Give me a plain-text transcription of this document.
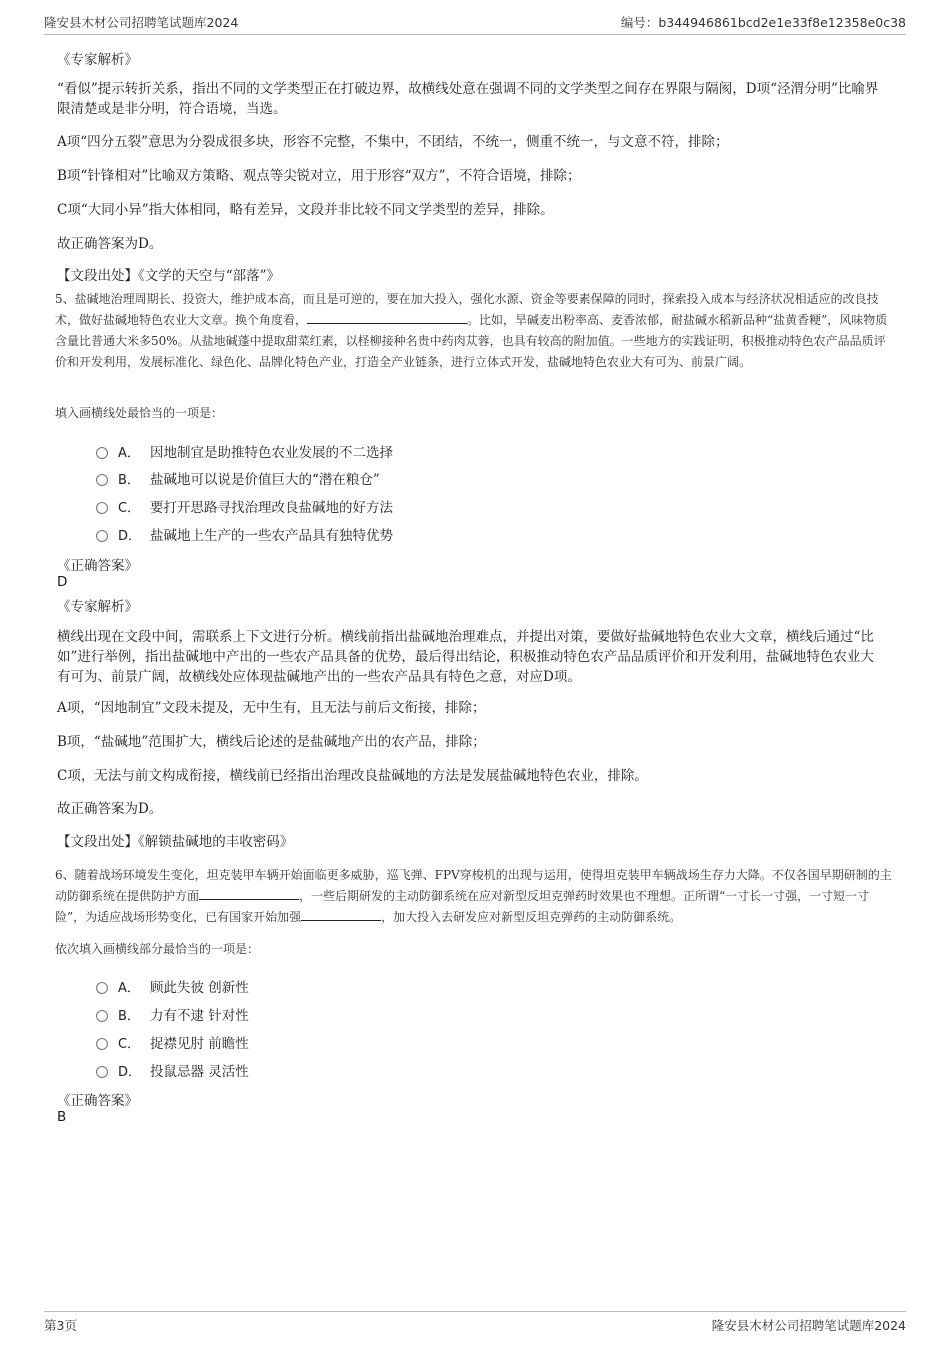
隆安县木材公司招聘笔试题库2024	编号：b344946861bcd2e1e33f8e12358e0c38
《专家解析》
“看似”提示转折关系，指出不同的文学类型正在打破边界，故横线处意在强调不同的文学类型之间存在界限与隔阂，D项“泾渭分明”比喻界限清楚或是非分明，符合语境，当选。
A项“四分五裂”意思为分裂成很多块，形容不完整，不集中，不团结，不统一，侧重不统一，与文意不符，排除；
B项“针锋相对”比喻双方策略、观点等尖锐对立，用于形容“双方”，不符合语境，排除；
C项“大同小异”指大体相同，略有差异，文段并非比较不同文学类型的差异，排除。
故正确答案为D。
【文段出处】《文学的天空与“部落”》
5、盐碱地治理周期长、投资大，维护成本高，而且是可逆的，要在加大投入，强化水源、资金等要素保障的同时，探索投入成本与经济状况相适应的改良技术，做好盐碱地特色农业大文章。换个角度看，	。比如，旱碱麦出粉率高、麦香浓郁，耐盐碱水稻新品种“盐黄香粳”，风味物质含量比普通大米多50%。从盐地碱蓬中提取甜菜红素，以柽柳接种名贵中药肉苁蓉，也具有较高的附加值。一些地方的实践证明，积极推动特色农产品品质评价和开发利用，发展标准化、绿色化、品牌化特色产业，打造全产业链条，进行立体式开发，盐碱地特色农业大有可为、前景广阔。
填入画横线处最恰当的一项是：
A． 因地制宜是助推特色农业发展的不二选择
B． 盐碱地可以说是价值巨大的“潜在粮仓”
C． 要打开思路寻找治理改良盐碱地的好方法
D． 盐碱地上生产的一些农产品具有独特优势
《正确答案》
D
《专家解析》
横线出现在文段中间，需联系上下文进行分析。横线前指出盐碱地治理难点，并提出对策，要做好盐碱地特色农业大文章，横线后通过“比如”进行举例，指出盐碱地中产出的一些农产品具备的优势，最后得出结论，积极推动特色农产品品质评价和开发利用，盐碱地特色农业大有可为、前景广阔，故横线处应体现盐碱地产出的一些农产品具有特色之意，对应D项。
A项，“因地制宜”文段未提及，无中生有，且无法与前后文衔接，排除；
B项，“盐碱地”范围扩大，横线后论述的是盐碱地产出的农产品，排除；
C项，无法与前文构成衔接，横线前已经指出治理改良盐碱地的方法是发展盐碱地特色农业，排除。
故正确答案为D。
【文段出处】《解锁盐碱地的丰收密码》
6、随着战场环境发生变化，坦克装甲车辆开始面临更多威胁，巡飞弹、FPV穿梭机的出现与运用，使得坦克装甲车辆战场生存力大降。不仅各国早期研制的主动防御系统在提供防护方面	，一些后期研发的主动防御系统在应对新型反坦克弹药时效果也不理想。正所谓“一寸长一寸强，一寸短一寸险”，为适应战场形势变化，已有国家开始加强	，加大投入去研发应对新型反坦克弹药的主动防御系统。
依次填入画横线部分最恰当的一项是：
A． 顾此失彼 创新性
B． 力有不逮 针对性
C． 捉襟见肘 前瞻性
D． 投鼠忌器 灵活性
《正确答案》
B
第3页	隆安县木材公司招聘笔试题库2024
